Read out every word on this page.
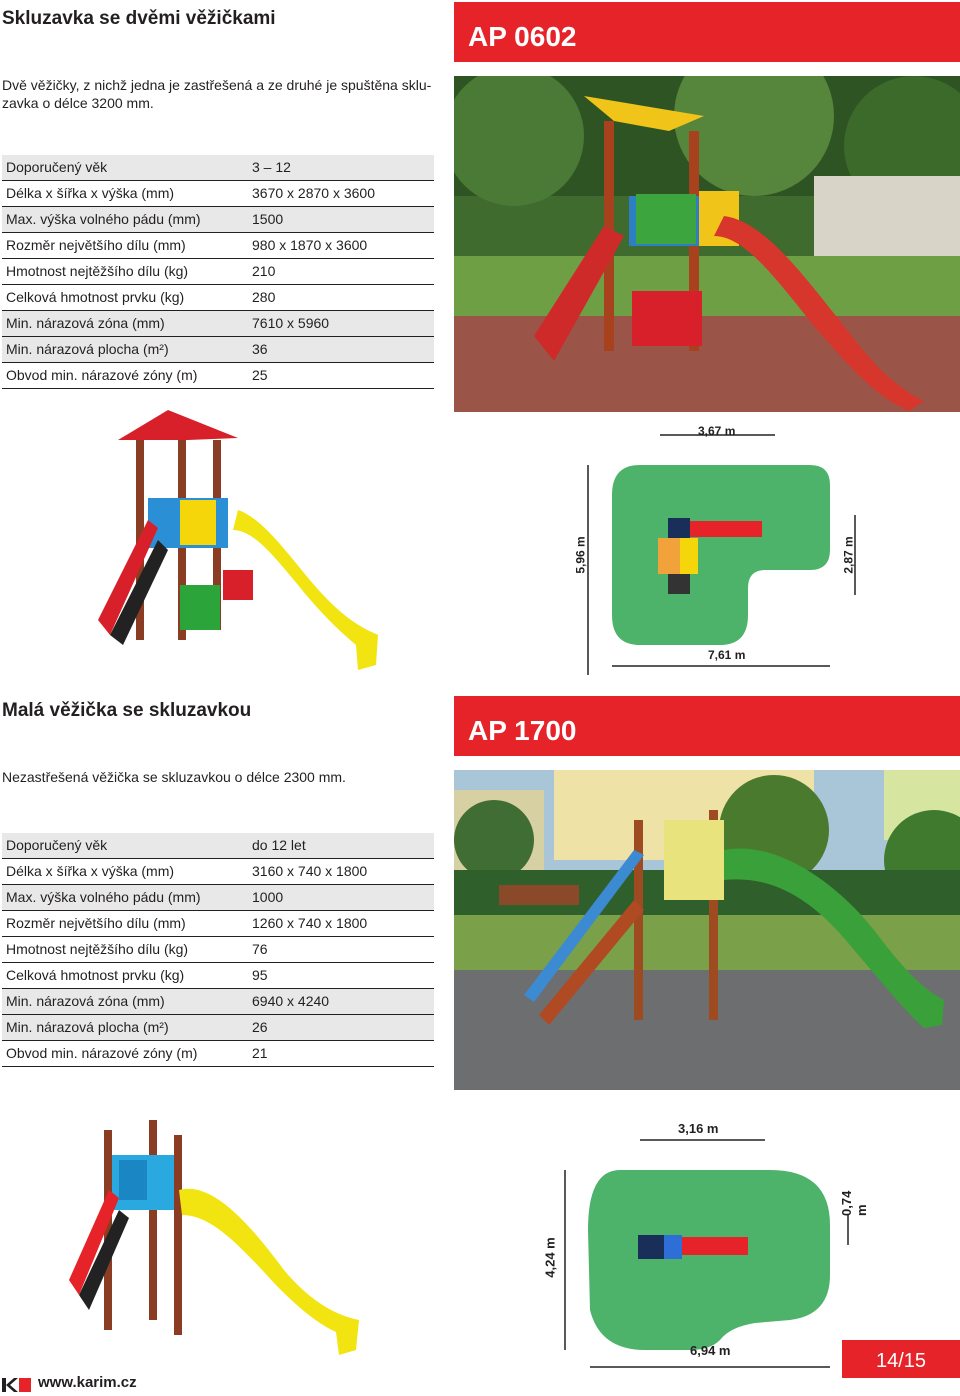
Skluzavka se dvěmi věžičkami
AP 0602
Dvě věžičky, z nichž jedna je zastřešená a ze druhé je spuštěna sklu-zavka o délce 3200 mm.
Doporučený věk	3 – 12
Délka x šířka x výška (mm)	3670 x 2870 x 3600
Max. výška volného pádu (mm)	1500
Rozměr největšího dílu (mm)	980 x 1870 x 3600
Hmotnost nejtěžšího dílu (kg)	210
Celková hmotnost prvku (kg)	280
Min. nárazová zóna (mm)	7610 x 5960
Min. nárazová plocha (m²)	36
Obvod min. nárazové zóny (m)	25
3,67 m
5,96 m	2,87 m
7,61 m
Malá věžička se skluzavkou
AP 1700
Nezastřešená věžička se skluzavkou o délce 2300 mm.
Doporučený věk	do 12 let
Délka x šířka x výška (mm)	3160 x 740 x 1800
Max. výška volného pádu (mm)	1000
Rozměr největšího dílu (mm)	1260 x 740 x 1800
Hmotnost nejtěžšího dílu (kg)	76
Celková hmotnost prvku (kg)	95
Min. nárazová zóna (mm)	6940 x 4240
Min. nárazová plocha (m²)	26
Obvod min. nárazové zóny (m)	21
3,16 m
4,24 m
0,74 m
6,94 m
www.karim.cz
14/15
